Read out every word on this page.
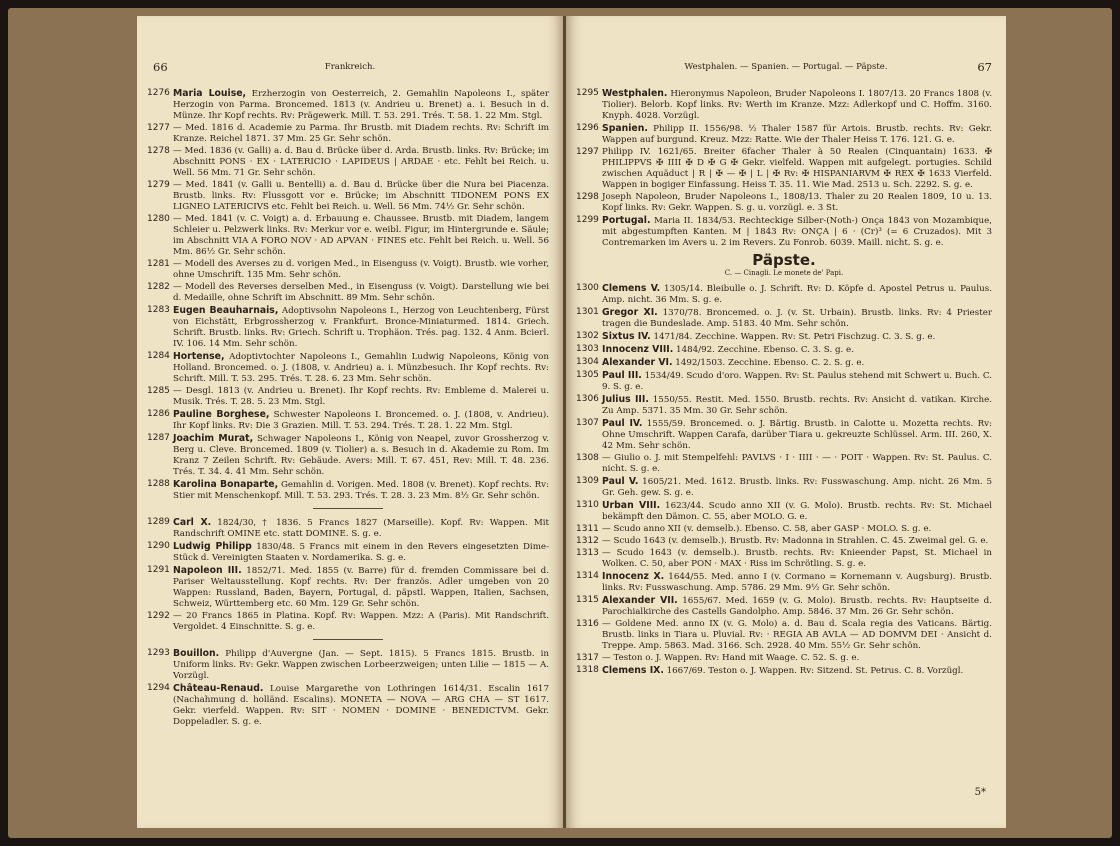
66	Frankreich.
1276 Maria Louise, Erzherzogin von Oesterreich, 2. Gemahlin Napoleons I., später Herzogin von Parma. Broncemed. 1813 (v. Andrieu u. Brenet) a. i. Besuch in d. Münze. Ihr Kopf rechts. Rv: Prägewerk. Mill. T. 53. 291. Trés. T. 58. 1. 22 Mm. Stgl.
1277 — Med. 1816 d. Academie zu Parma. Ihr Brustb. mit Diadem rechts. Rv: Schrift im Kranze. Reichel 1871. 37 Mm. 25 Gr. Sehr schön.
1278 — Med. 1836 (v. Galli) a. d. Bau d. Brücke über d. Arda. Brustb. links. Rv: Brücke; im Abschnitt PONS · EX · LATERICIO · LAPIDEUS | ARDAE · etc. Fehlt bei Reich. u. Well. 56 Mm. 71 Gr. Sehr schön.
1279 — Med. 1841 (v. Galli u. Bentelli) a. d. Bau d. Brücke über die Nura bei Piacenza. Brustb. links. Rv: Flussgott vor e. Brücke; im Abschnitt TIDONEM PONS EX LIGNEO LATERICIVS etc. Fehlt bei Reich. u. Well. 56 Mm. 74½ Gr. Sehr schön.
1280 — Med. 1841 (v. C. Voigt) a. d. Erbauung e. Chaussee. Brustb. mit Diadem, langem Schleier u. Pelzwerk links. Rv: Merkur vor e. weibl. Figur, im Hintergrunde e. Säule; im Abschnitt VIA A FORO NOV · AD APVAN · FINES etc. Fehlt bei Reich. u. Well. 56 Mm. 86½ Gr. Sehr schön.
1281 — Modell des Averses zu d. vorigen Med., in Eisenguss (v. Voigt). Brustb. wie vorher, ohne Umschrift. 135 Mm. Sehr schön.
1282 — Modell des Reverses derselben Med., in Eisenguss (v. Voigt). Darstellung wie bei d. Medaille, ohne Schrift im Abschnitt. 89 Mm. Sehr schön.
1283 Eugen Beauharnais, Adoptivsohn Napoleons I., Herzog von Leuchtenberg, Fürst von Eichstätt, Erbgrossherzog v. Frankfurt. Bronce-Miniaturmed. 1814. Griech. Schrift. Brustb. links. Rv: Griech. Schrift u. Trophäon. Trés. pag. 132. 4 Anm. Bcierl. IV. 106. 14 Mm. Sehr schön.
1284 Hortense, Adoptivtochter Napoleons I., Gemahlin Ludwig Napoleons, König von Holland. Broncemed. o. J. (1808, v. Andrieu) a. i. Münzbesuch. Ihr Kopf rechts. Rv: Schrift. Mill. T. 53. 295. Trés. T. 28. 6. 23 Mm. Sehr schön.
1285 — Desgl. 1813 (v. Andrieu u. Brenet). Ihr Kopf rechts. Rv: Embleme d. Malerei u. Musik. Trés. T. 28. 5. 23 Mm. Stgl.
1286 Pauline Borghese, Schwester Napoleons I. Broncemed. o. J. (1808, v. Andrieu). Ihr Kopf links. Rv: Die 3 Grazien. Mill. T. 53. 294. Trés. T. 28. 1. 22 Mm. Stgl.
1287 Joachim Murat, Schwager Napoleons I., König von Neapel, zuvor Grossherzog v. Berg u. Cleve. Broncemed. 1809 (v. Tiolier) a. s. Besuch in d. Akademie zu Rom. Im Kranz 7 Zeilen Schrift. Rv: Gebäude. Avers: Mill. T. 67. 451, Rev: Mill. T. 48. 236. Trés. T. 34. 4. 41 Mm. Sehr schön.
1288 Karolina Bonaparte, Gemahlin d. Vorigen. Med. 1808 (v. Brenet). Kopf rechts. Rv: Stier mit Menschenkopf. Mill. T. 53. 293. Trés. T. 28. 3. 23 Mm. 8½ Gr. Sehr schön.
1289 Carl X. 1824/30, † 1836. 5 Francs 1827 (Marseille). Kopf. Rv: Wappen. Mit Randschrift OMINE etc. statt DOMINE. S. g. e.
1290 Ludwig Philipp 1830/48. 5 Francs mit einem in den Revers eingesetzten Dime-Stück d. Vereinigten Staaten v. Nordamerika. S. g. e.
1291 Napoleon III. 1852/71. Med. 1855 (v. Barre) für d. fremden Commissare bei d. Pariser Weltausstellung. Kopf rechts. Rv: Der französ. Adler umgeben von 20 Wappen: Russland, Baden, Bayern, Portugal, d. päpstl. Wappen, Italien, Sachsen, Schweiz, Württemberg etc. 60 Mm. 129 Gr. Sehr schön.
1292 — 20 Francs 1865 in Platina. Kopf. Rv: Wappen. Mzz: A (Paris). Mit Randschrift. Vergoldet. 4 Einschnitte. S. g. e.
1293 Bouillon. Philipp d'Auvergne (Jan. — Sept. 1815). 5 Francs 1815. Brustb. in Uniform links. Rv: Gekr. Wappen zwischen Lorbeerzweigen; unten Lilie — 1815 — A. Vorzügl.
1294 Château-Renaud. Louise Margarethe von Lothringen 1614/31. Escalin 1617 (Nachahmung d. holländ. Escalins). MONETA — NOVA — ARG CHA — ST 1617. Gekr. vierfeld. Wappen. Rv: SIT · NOMEN · DOMINE · BENEDICTVM. Gekr. Doppeladler. S. g. e.
Westphalen. — Spanien. — Portugal. — Päpste.	67
1295 Westphalen. Hieronymus Napoleon, Bruder Napoleons I. 1807/13. 20 Francs 1808 (v. Tiolier). Belorb. Kopf links. Rv: Werth im Kranze. Mzz: Adlerkopf und C. Hoffm. 3160. Knyph. 4028. Vorzügl.
1296 Spanien. Philipp II. 1556/98. ½ Thaler 1587 für Artois. Brustb. rechts. Rv: Gekr. Wappen auf burgund. Kreuz. Mzz: Ratte. Wie der Thaler Heiss T. 176. 121. G. e.
1297 Philipp IV. 1621/65. Breiter 6facher Thaler à 50 Realen (Cinquantain) 1633. ✠ PHILIPPVS ✠ IIII ✠ D ✠ G ✠ Gekr. vielfeld. Wappen mit aufgelegt. portugies. Schild zwischen Aquäduct | R | ✠ — ✠ | L | ✠ Rv: ✠ HISPANIARVM ✠ REX ✠ 1633 Vierfeld. Wappen in bogiger Einfassung. Heiss T. 35. 11. Wie Mad. 2513 u. Sch. 2292. S. g. e.
1298 Joseph Napoleon, Bruder Napoleons I., 1808/13. Thaler zu 20 Realen 1809, 10 u. 13. Kopf links. Rv: Gekr. Wappen. S. g. u. vorzügl. e. 3 St.
1299 Portugal. Maria II. 1834/53. Rechteckige Silber-(Noth-) Onça 1843 von Mozambique, mit abgestumpften Kanten. M | 1843 Rv: ONÇA | 6 · (Cr)³ (= 6 Cruzados). Mit 3 Contremarken im Avers u. 2 im Revers. Zu Fonrob. 6039. Maill. nicht. S. g. e.
Päpste.
C. — Cinagli. Le monete de' Papi.
1300 Clemens V. 1305/14. Bleibulle o. J. Schrift. Rv: D. Köpfe d. Apostel Petrus u. Paulus. Amp. nicht. 36 Mm. S. g. e.
1301 Gregor XI. 1370/78. Broncemed. o. J. (v. St. Urbain). Brustb. links. Rv: 4 Priester tragen die Bundeslade. Amp. 5183. 40 Mm. Sehr schön.
1302 Sixtus IV. 1471/84. Zecchine. Wappen. Rv: St. Petri Fischzug. C. 3. S. g. e.
1303 Innocenz VIII. 1484/92. Zecchine. Ebenso. C. 3. S. g. e.
1304 Alexander VI. 1492/1503. Zecchine. Ebenso. C. 2. S. g. e.
1305 Paul III. 1534/49. Scudo d'oro. Wappen. Rv: St. Paulus stehend mit Schwert u. Buch. C. 9. S. g. e.
1306 Julius III. 1550/55. Restit. Med. 1550. Brustb. rechts. Rv: Ansicht d. vatikan. Kirche. Zu Amp. 5371. 35 Mm. 30 Gr. Sehr schön.
1307 Paul IV. 1555/59. Broncemed. o. J. Bärtig. Brustb. in Calotte u. Mozetta rechts. Rv: Ohne Umschrift. Wappen Carafa, darüber Tiara u. gekreuzte Schlüssel. Arm. III. 260, X. 42 Mm. Sehr schön.
1308 — Giulio o. J. mit Stempelfehl: PAVLVS · I · IIII · — · POIT · Wappen. Rv: St. Paulus. C. nicht. S. g. e.
1309 Paul V. 1605/21. Med. 1612. Brustb. links. Rv: Fusswaschung. Amp. nicht. 26 Mm. 5 Gr. Geh. gew. S. g. e.
1310 Urban VIII. 1623/44. Scudo anno XII (v. G. Molo). Brustb. rechts. Rv: St. Michael bekämpft den Dämon. C. 55, aber MOLO. G. e.
1311 — Scudo anno XII (v. demselb.). Ebenso. C. 58, aber GASP · MOLO. S. g. e.
1312 — Scudo 1643 (v. demselb.). Brustb. Rv: Madonna in Strahlen. C. 45. Zweimal gel. G. e.
1313 — Scudo 1643 (v. demselb.). Brustb. rechts. Rv: Knieender Papst, St. Michael in Wolken. C. 50, aber PON · MAX · Riss im Schrötling. S. g. e.
1314 Innocenz X. 1644/55. Med. anno I (v. Cormano = Kornemann v. Augsburg). Brustb. links. Rv: Fusswaschung. Amp. 5786. 29 Mm. 9½ Gr. Sehr schön.
1315 Alexander VII. 1655/67. Med. 1659 (v. G. Molo). Brustb. rechts. Rv: Hauptseite d. Parochialkirche des Castells Gandolpho. Amp. 5846. 37 Mm. 26 Gr. Sehr schön.
1316 — Goldene Med. anno IX (v. G. Molo) a. d. Bau d. Scala regia des Vaticans. Bärtig. Brustb. links in Tiara u. Pluvial. Rv: · REGIA AB AVLA — AD DOMVM DEI · Ansicht d. Treppe. Amp. 5863. Mad. 3166. Sch. 2928. 40 Mm. 55½ Gr. Sehr schön.
1317 — Teston o. J. Wappen. Rv: Hand mit Waage. C. 52. S. g. e.
1318 Clemens IX. 1667/69. Teston o. J. Wappen. Rv: Sitzend. St. Petrus. C. 8. Vorzügl.
5*
